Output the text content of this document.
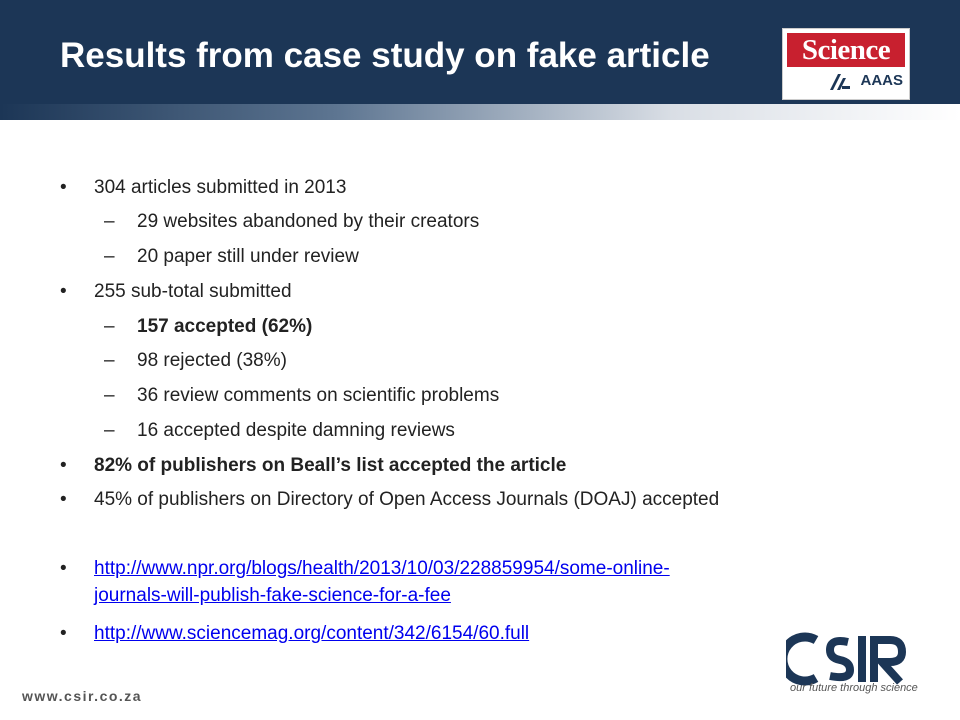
Results from case study on fake article	Science
AAAS
• 304 articles submitted in 2013
– 29 websites abandoned by their creators
– 20 paper still under review
• 255 sub-total submitted
– 157 accepted (62%)
– 98 rejected (38%)
– 36 review comments on scientific problems
– 16 accepted despite damning reviews
• 82% of publishers on Beall’s list accepted the article
• 45% of publishers on Directory of Open Access Journals (DOAJ) accepted
• http://www.npr.org/blogs/health/2013/10/03/228859954/some-online-
journals-will-publish-fake-science-for-a-fee
• http://www.sciencemag.org/content/342/6154/60.full
www.csir.co.za	our future through science
